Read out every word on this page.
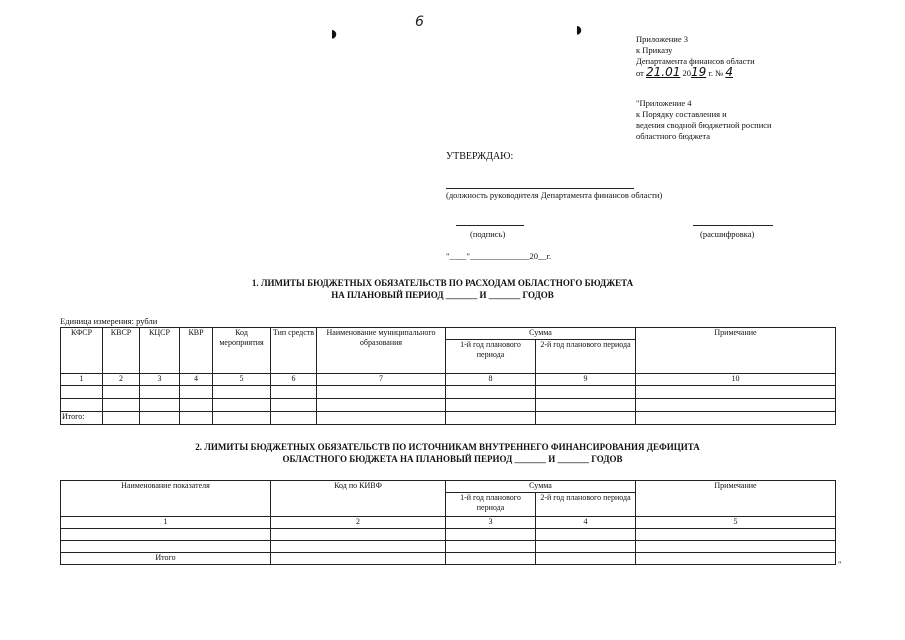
◗	◗
6
Приложение 3
к Приказу
Департамента финансов области
от 21.01 2019 г. № 4
"Приложение 4
к Порядку составления и
ведения сводной бюджетной росписи
областного бюджета
УТВЕРЖДАЮ:
(должность руководителя Департамента финансов области)
(подпись)	(расшифровка)
"____"______________20__г.
1. ЛИМИТЫ БЮДЖЕТНЫХ ОБЯЗАТЕЛЬСТВ ПО РАСХОДАМ ОБЛАСТНОГО БЮДЖЕТА
НА ПЛАНОВЫЙ ПЕРИОД _______ И _______ ГОДОВ
Единица измерения: рубли
КФСР	КВСР	КЦСР	КВР	Код мероприятия	Тип средств	Наименование муниципального образования	Сумма		Примечание
							1-й год планового периода	2-й год планового периода	
1	2	3	4	5	6	7	8	9	10

Итого:									
2. ЛИМИТЫ БЮДЖЕТНЫХ ОБЯЗАТЕЛЬСТВ ПО ИСТОЧНИКАМ ВНУТРЕННЕГО ФИНАНСИРОВАНИЯ ДЕФИЦИТА
ОБЛАСТНОГО БЮДЖЕТА НА ПЛАНОВЫЙ ПЕРИОД _______ И _______ ГОДОВ
Наименование показателя	Код по КИВФ	Сумма		Примечание
		1-й год планового периода	2-й год планового периода	
1	2	3	4	5

Итого				
"
